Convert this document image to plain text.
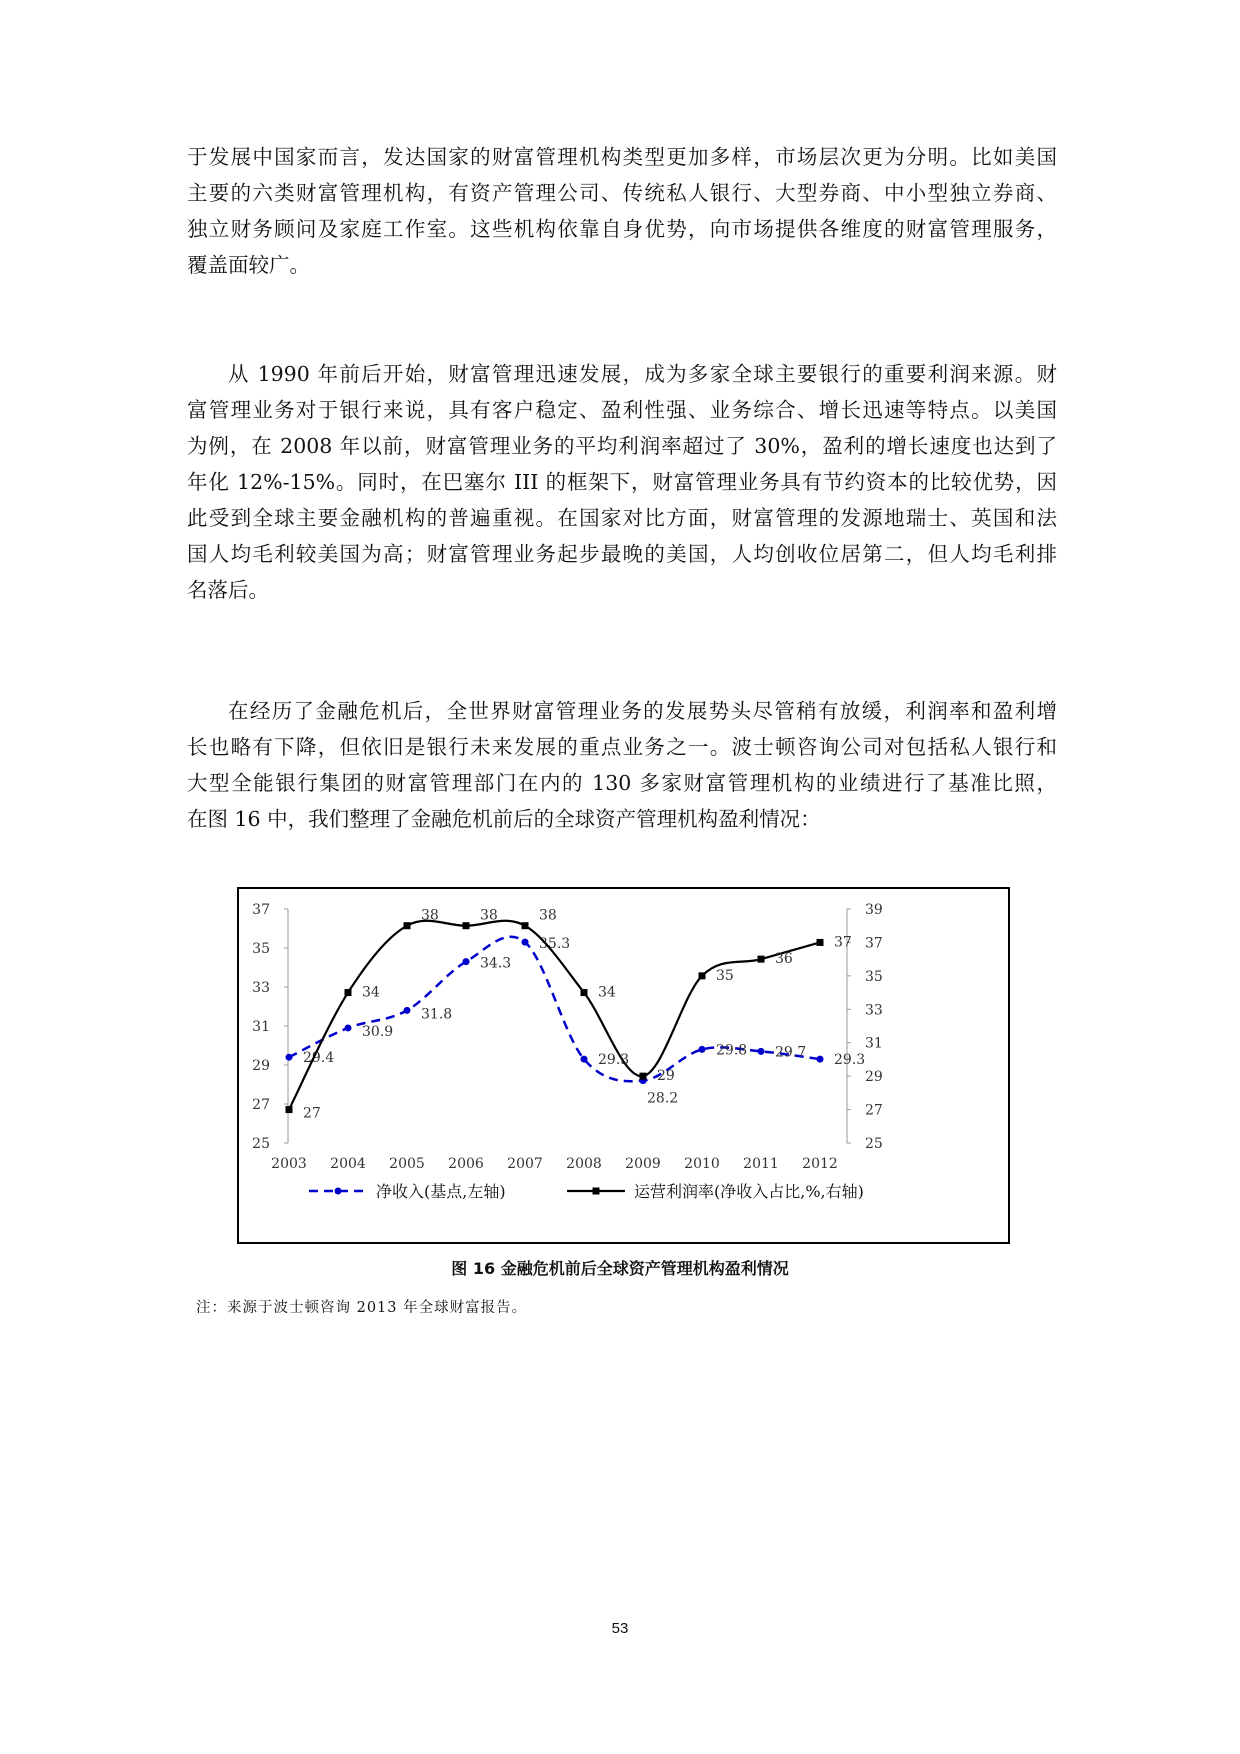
于发展中国家而言，发达国家的财富管理机构类型更加多样，市场层次更为分明。比如美国
主要的六类财富管理机构，有资产管理公司、传统私人银行、大型券商、中小型独立券商、
独立财务顾问及家庭工作室。这些机构依靠自身优势，向市场提供各维度的财富管理服务，
覆盖面较广。
从 1990 年前后开始，财富管理迅速发展，成为多家全球主要银行的重要利润来源。财
富管理业务对于银行来说，具有客户稳定、盈利性强、业务综合、增长迅速等特点。以美国
为例，在 2008 年以前，财富管理业务的平均利润率超过了 30%，盈利的增长速度也达到了
年化 12%-15%。同时，在巴塞尔 III 的框架下，财富管理业务具有节约资本的比较优势，因
此受到全球主要金融机构的普遍重视。在国家对比方面，财富管理的发源地瑞士、英国和法
国人均毛利较美国为高；财富管理业务起步最晚的美国，人均创收位居第二，但人均毛利排
名落后。
在经历了金融危机后，全世界财富管理业务的发展势头尽管稍有放缓，利润率和盈利增
长也略有下降，但依旧是银行未来发展的重点业务之一。波士顿咨询公司对包括私人银行和
大型全能银行集团的财富管理部门在内的 130 多家财富管理机构的业绩进行了基准比照，
在图 16 中，我们整理了金融危机前后的全球资产管理机构盈利情况：
25
27
29
31
33
35
37
25
27
29
31
33
35
37
39
2003 2004 2005 2006 2007 2008 2009 2010 2011 2012
29.4
30.9
31.8
34.3
35.3
29.3
28.2
29.8 29.7 29.3
27
34
38	38	38
34
29
35
36
37
净收入(基点,左轴)	运营利润率(净收入占比,%,右轴)
图 16 金融危机前后全球资产管理机构盈利情况
注：来源于波士顿咨询 2013 年全球财富报告。
53
